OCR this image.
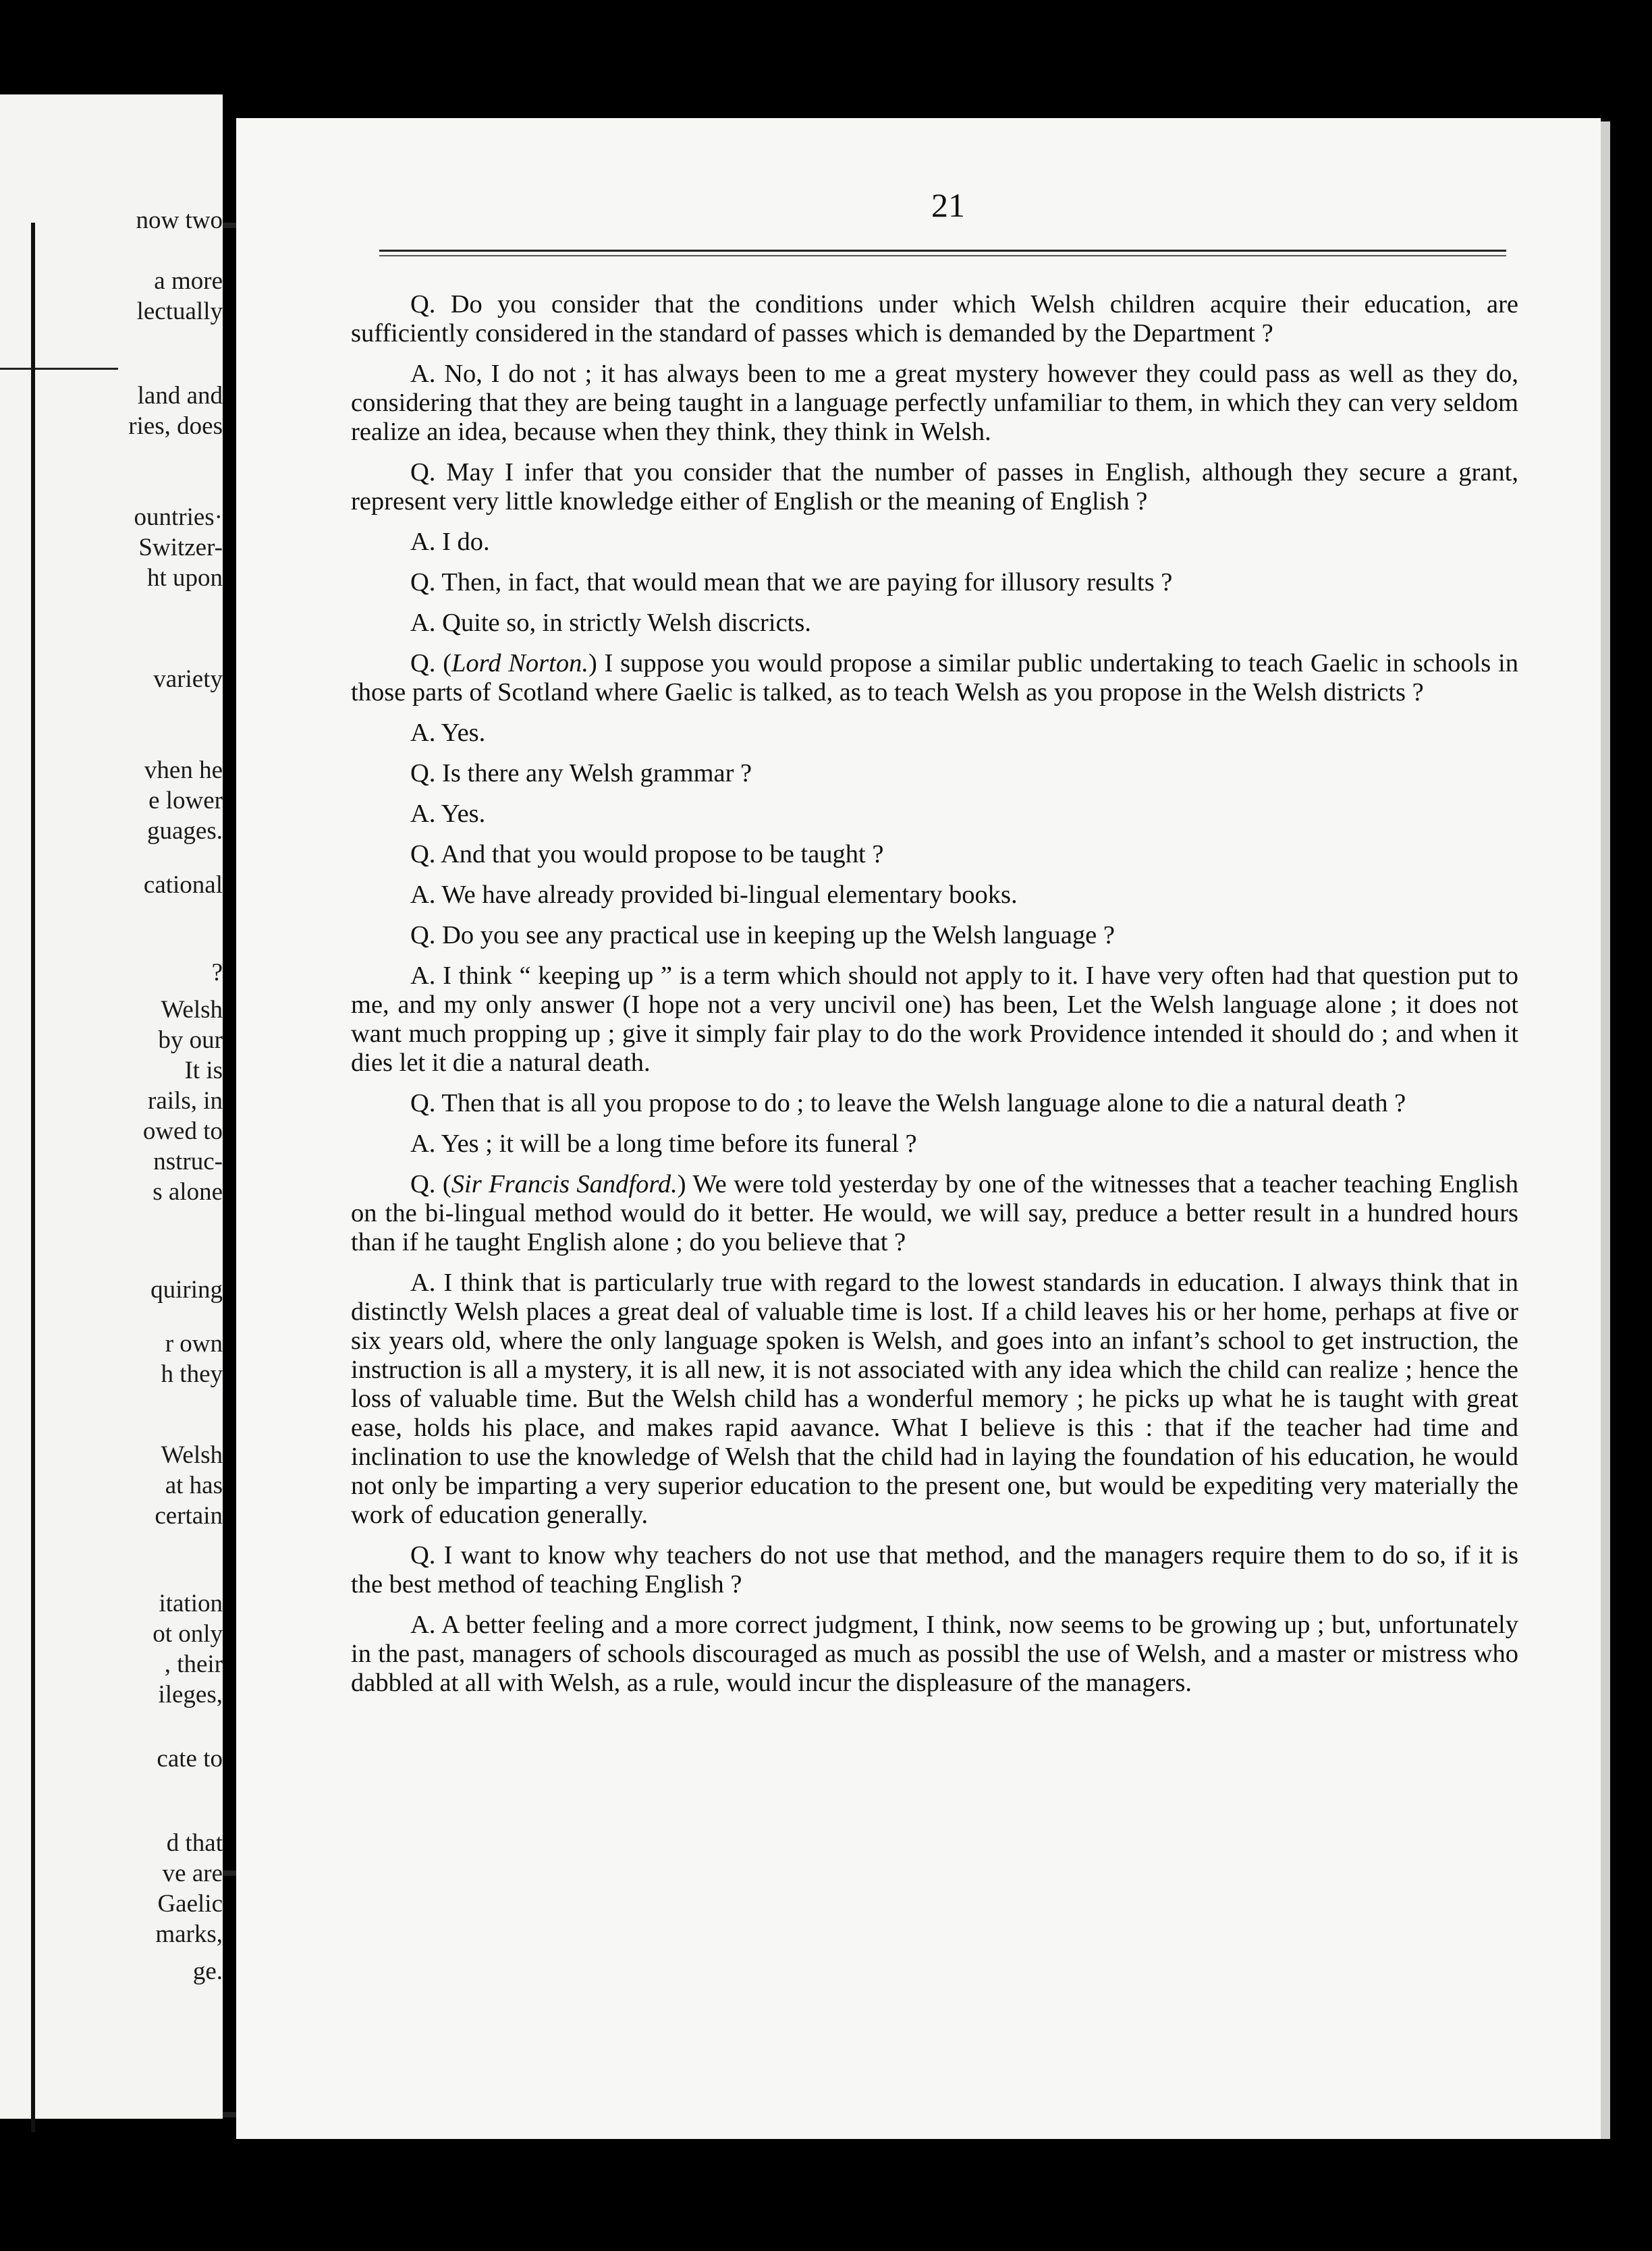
now two
a more
lectually
land and
ries, does
ountries·
Switzer-
ht upon
variety
vhen he
e lower
guages.
cational
?
Welsh
by our
It is
rails, in
owed to
nstruc-
s alone
quiring
r own
h they
Welsh
at has
certain
itation
ot only
, their
ileges,
cate to
d that
ve are
Gaelic
marks,
ge.
21

Q. Do you consider that the conditions under which Welsh children acquire their education, are sufficiently considered in the standard of passes which is demanded by the Department ?

A. No, I do not ; it has always been to me a great mystery however they could pass as well as they do, considering that they are being taught in a language perfectly unfamiliar to them, in which they can very seldom realize an idea, because when they think, they think in Welsh.

Q. May I infer that you consider that the number of passes in English, although they secure a grant, represent very little knowledge either of English or the meaning of English ?

A. I do.

Q. Then, in fact, that would mean that we are paying for illusory results ?

A. Quite so, in strictly Welsh discricts.

Q. (Lord Norton.) I suppose you would propose a similar public undertaking to teach Gaelic in schools in those parts of Scotland where Gaelic is talked, as to teach Welsh as you propose in the Welsh districts ?

A. Yes.

Q. Is there any Welsh grammar ?

A. Yes.

Q. And that you would propose to be taught ?

A. We have already provided bi-lingual elementary books.

Q. Do you see any practical use in keeping up the Welsh language ?

A. I think “ keeping up ” is a term which should not apply to it. I have very often had that question put to me, and my only answer (I hope not a very uncivil one) has been, Let the Welsh language alone ; it does not want much propping up ; give it simply fair play to do the work Providence intended it should do ; and when it dies let it die a natural death.

Q. Then that is all you propose to do ; to leave the Welsh language alone to die a natural death ?

A. Yes ; it will be a long time before its funeral ?

Q. (Sir Francis Sandford.) We were told yesterday by one of the witnesses that a teacher teaching English on the bi-lingual method would do it better. He would, we will say, preduce a better result in a hundred hours than if he taught English alone ; do you believe that ?

A. I think that is particularly true with regard to the lowest standards in education. I always think that in distinctly Welsh places a great deal of valuable time is lost. If a child leaves his or her home, perhaps at five or six years old, where the only language spoken is Welsh, and goes into an infant’s school to get instruction, the instruction is all a mystery, it is all new, it is not associated with any idea which the child can realize ; hence the loss of valuable time. But the Welsh child has a wonderful memory ; he picks up what he is taught with great ease, holds his place, and makes rapid aavance. What I believe is this : that if the teacher had time and inclination to use the knowledge of Welsh that the child had in laying the foundation of his education, he would not only be imparting a very superior education to the present one, but would be expediting very materially the work of education generally.

Q. I want to know why teachers do not use that method, and the managers require them to do so, if it is the best method of teaching English ?

A. A better feeling and a more correct judgment, I think, now seems to be growing up ; but, unfortunately in the past, managers of schools discouraged as much as possibl the use of Welsh, and a master or mistress who dabbled at all with Welsh, as a rule, would incur the displeasure of the managers.
